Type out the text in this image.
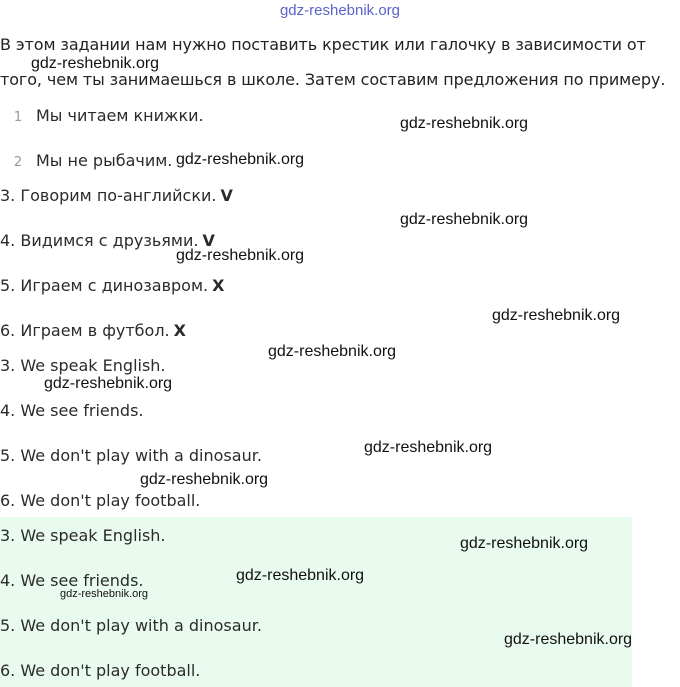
gdz-reshebnik.org
В этом задании нам нужно поставить крестик или галочку в зависимости от
того, чем ты занимаешься в школе. Затем составим предложения по примеру.
1 Мы читаем книжки.
2 Мы не рыбачим.
3. Говорим по-английски. V
4. Видимся с друзьями. V
5. Играем с динозавром. X
6. Играем в футбол. X
3. We speak English.
4. We see friends.
5. We don't play with a dinosaur.
6. We don't play football.
3. We speak English.
4. We see friends.
5. We don't play with a dinosaur.
6. We don't play football.
gdz-reshebnik.org
gdz-reshebnik.org
gdz-reshebnik.org
gdz-reshebnik.org
gdz-reshebnik.org
gdz-reshebnik.org
gdz-reshebnik.org
gdz-reshebnik.org
gdz-reshebnik.org
gdz-reshebnik.org
gdz-reshebnik.org
gdz-reshebnik.org
gdz-reshebnik.org
gdz-reshebnik.org
